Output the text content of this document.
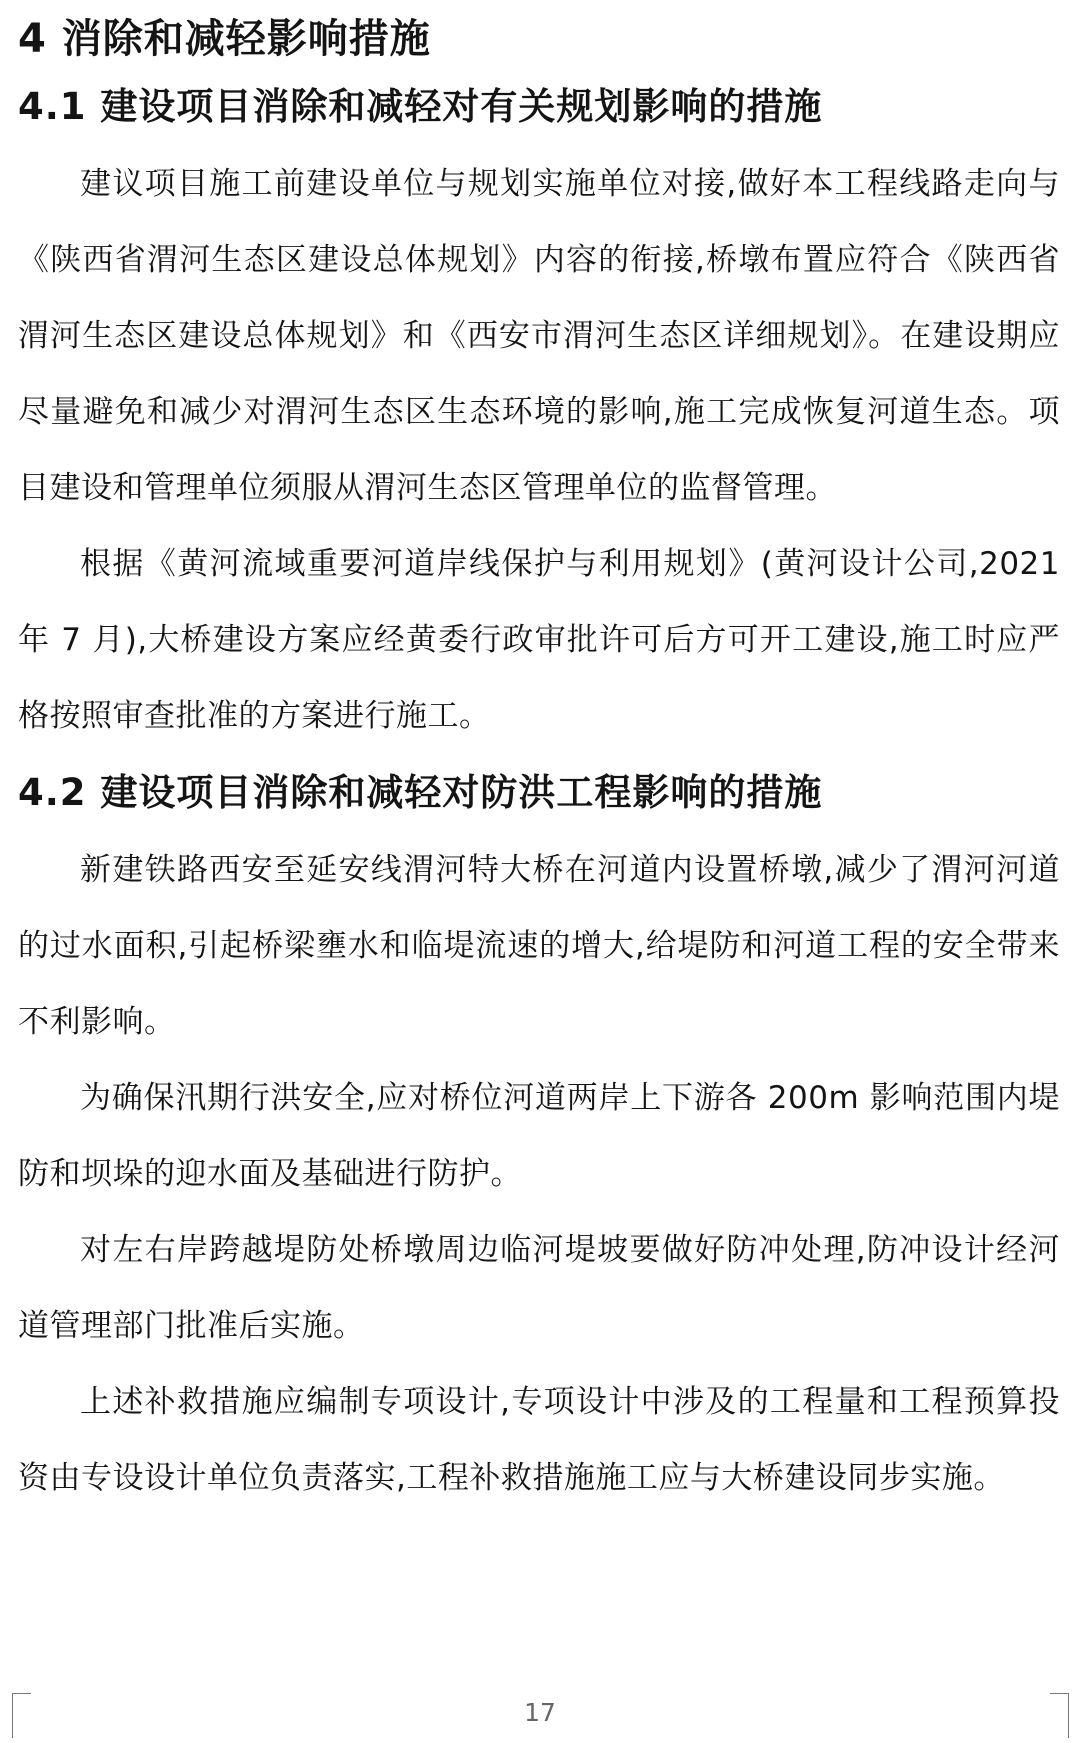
4 消除和减轻影响措施
4.1 建设项目消除和减轻对有关规划影响的措施

建议项目施工前建设单位与规划实施单位对接,做好本工程线路走向与《陕西省渭河生态区建设总体规划》内容的衔接,桥墩布置应符合《陕西省渭河生态区建设总体规划》和《西安市渭河生态区详细规划》。在建设期应尽量避免和减少对渭河生态区生态环境的影响,施工完成恢复河道生态。项目建设和管理单位须服从渭河生态区管理单位的监督管理。

根据《黄河流域重要河道岸线保护与利用规划》(黄河设计公司,2021 年 7 月),大桥建设方案应经黄委行政审批许可后方可开工建设,施工时应严格按照审查批准的方案进行施工。

4.2 建设项目消除和减轻对防洪工程影响的措施

新建铁路西安至延安线渭河特大桥在河道内设置桥墩,减少了渭河河道的过水面积,引起桥梁壅水和临堤流速的增大,给堤防和河道工程的安全带来不利影响。

为确保汛期行洪安全,应对桥位河道两岸上下游各 200m 影响范围内堤防和坝垛的迎水面及基础进行防护。

对左右岸跨越堤防处桥墩周边临河堤坡要做好防冲处理,防冲设计经河道管理部门批准后实施。

上述补救措施应编制专项设计,专项设计中涉及的工程量和工程预算投资由专设设计单位负责落实,工程补救措施施工应与大桥建设同步实施。

17
